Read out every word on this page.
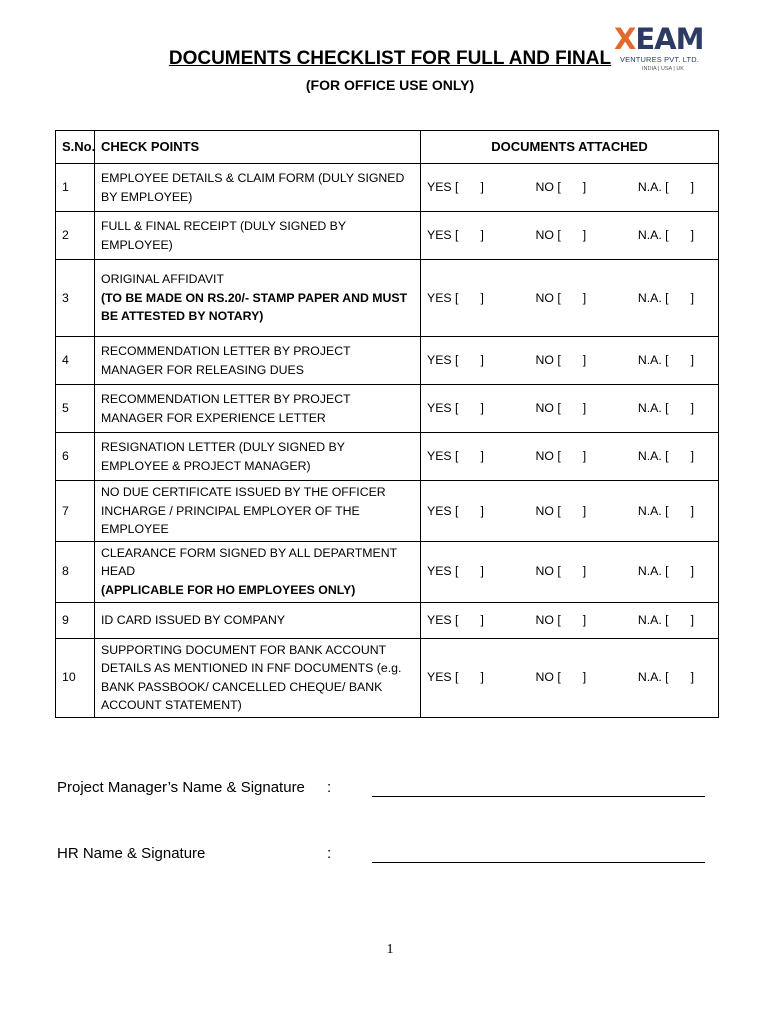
XEAM
VENTURES PVT. LTD.
INDIA | USA | UK
DOCUMENTS CHECKLIST FOR FULL AND FINAL
(FOR OFFICE USE ONLY)
S.No.	CHECK POINTS	DOCUMENTS ATTACHED
1	EMPLOYEE DETAILS & CLAIM FORM (DULY SIGNED BY EMPLOYEE)	YES [ ] NO [ ] N.A. [ ]

2	FULL & FINAL RECEIPT (DULY SIGNED BY EMPLOYEE)	YES [ ] NO [ ] N.A. [ ]

3	ORIGINAL AFFIDAVIT
(TO BE MADE ON RS.20/- STAMP PAPER AND MUST BE ATTESTED BY NOTARY)	YES [ ] NO [ ] N.A. [ ]

4	RECOMMENDATION LETTER BY PROJECT MANAGER FOR RELEASING DUES	YES [ ] NO [ ] N.A. [ ]

5	RECOMMENDATION LETTER BY PROJECT MANAGER FOR EXPERIENCE LETTER	YES [ ] NO [ ] N.A. [ ]

6	RESIGNATION LETTER (DULY SIGNED BY EMPLOYEE & PROJECT MANAGER)	YES [ ] NO [ ] N.A. [ ]

7	NO DUE CERTIFICATE ISSUED BY THE OFFICER INCHARGE / PRINCIPAL EMPLOYER OF THE EMPLOYEE	YES [ ] NO [ ] N.A. [ ]

8	CLEARANCE FORM SIGNED BY ALL DEPARTMENT HEAD
(APPLICABLE FOR HO EMPLOYEES ONLY)	YES [ ] NO [ ] N.A. [ ]

9	ID CARD ISSUED BY COMPANY	YES [ ] NO [ ] N.A. [ ]

10	SUPPORTING DOCUMENT FOR BANK ACCOUNT DETAILS AS MENTIONED IN FNF DOCUMENTS (e.g. BANK PASSBOOK/ CANCELLED CHEQUE/ BANK ACCOUNT STATEMENT)	YES [ ] NO [ ] N.A. [ ]
Project Manager’s Name & Signature :
HR Name & Signature	:
1
